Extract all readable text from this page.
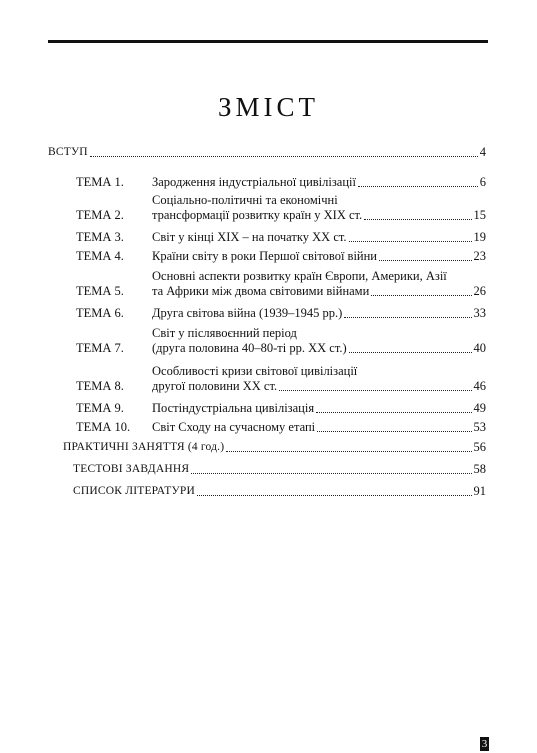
ЗМІСТ
ВСТУП	4
ТЕМА 1.	Зародження індустріальної цивілізації	6
ТЕМА 2.
Соціально-політичні та економічні
трансформації розвитку країн у ХІХ ст.	15
ТЕМА 3.	Світ у кінці ХІХ – на початку ХХ ст.	19
ТЕМА 4.	Країни світу в роки Першої світової війни	23
ТЕМА 5.
Основні аспекти розвитку країн Європи, Америки, Азії
та Африки між двома світовими війнами	26
ТЕМА 6.	Друга світова війна (1939–1945 рр.)	33
ТЕМА 7.
Світ у післявоєнний період
(друга половина 40–80-ті рр. ХХ ст.)	40
ТЕМА 8.
Особливості кризи світової цивілізації
другої половини ХХ ст.	46
ТЕМА 9.	Постіндустріальна цивілізація	49
ТЕМА 10.	Світ Сходу на сучасному етапі	53
ПРАКТИЧНІ ЗАНЯТТЯ (4 год.)	56
ТЕСТОВІ ЗАВДАННЯ	58
СПИСОК ЛІТЕРАТУРИ	91
3
